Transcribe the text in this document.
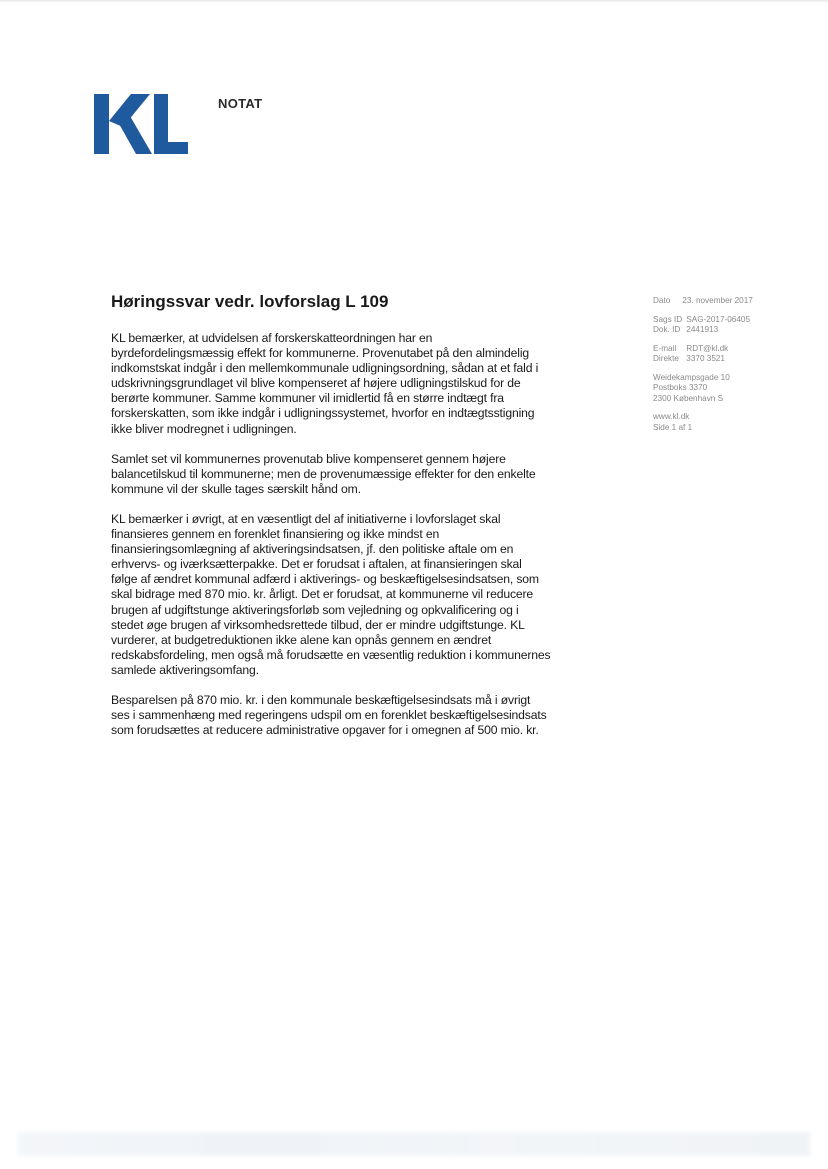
NOTAT
Høringssvar vedr. lovforslag L 109

KL bemærker, at udvidelsen af forskerskatteordningen har en byrdefordelingsmæssig effekt for kommunerne. Provenutabet på den almindelig indkomstskat indgår i den mellemkommunale udligningsordning, sådan at et fald i udskrivningsgrundlaget vil blive kompenseret af højere udligningstilskud for de berørte kommuner. Samme kommuner vil imidlertid få en større indtægt fra forskerskatten, som ikke indgår i udligningssystemet, hvorfor en indtægtsstigning ikke bliver modregnet i udligningen.

Samlet set vil kommunernes provenutab blive kompenseret gennem højere balancetilskud til kommunerne; men de provenumæssige effekter for den enkelte kommune vil der skulle tages særskilt hånd om.

KL bemærker i øvrigt, at en væsentligt del af initiativerne i lovforslaget skal finansieres gennem en forenklet finansiering og ikke mindst en finansieringsomlægning af aktiveringsindsatsen, jf. den politiske aftale om en erhvervs- og iværksætterpakke. Det er forudsat i aftalen, at finansieringen skal følge af ændret kommunal adfærd i aktiverings- og beskæftigelsesindsatsen, som skal bidrage med 870 mio. kr. årligt. Det er forudsat, at kommunerne vil reducere brugen af udgiftstunge aktiveringsforløb som vejledning og opkvalificering og i stedet øge brugen af virksomhedsrettede tilbud, der er mindre udgiftstunge. KL vurderer, at budgetreduktionen ikke alene kan opnås gennem en ændret redskabsfordeling, men også må forudsætte en væsentlig reduktion i kommunernes samlede aktiveringsomfang.

Besparelsen på 870 mio. kr. i den kommunale beskæftigelsesindsats må i øvrigt ses i sammenhæng med regeringens udspil om en forenklet beskæftigelsesindsats som forudsættes at reducere administrative opgaver for i omegnen af 500 mio. kr.

Dato 23. november 2017
Sags ID SAG-2017-06405
Dok. ID 2441913
E-mail RDT@kl.dk
Direkte 3370 3521
Weidekampsgade 10
Postboks 3370
2300 København S
www.kl.dk
Side 1 af 1
